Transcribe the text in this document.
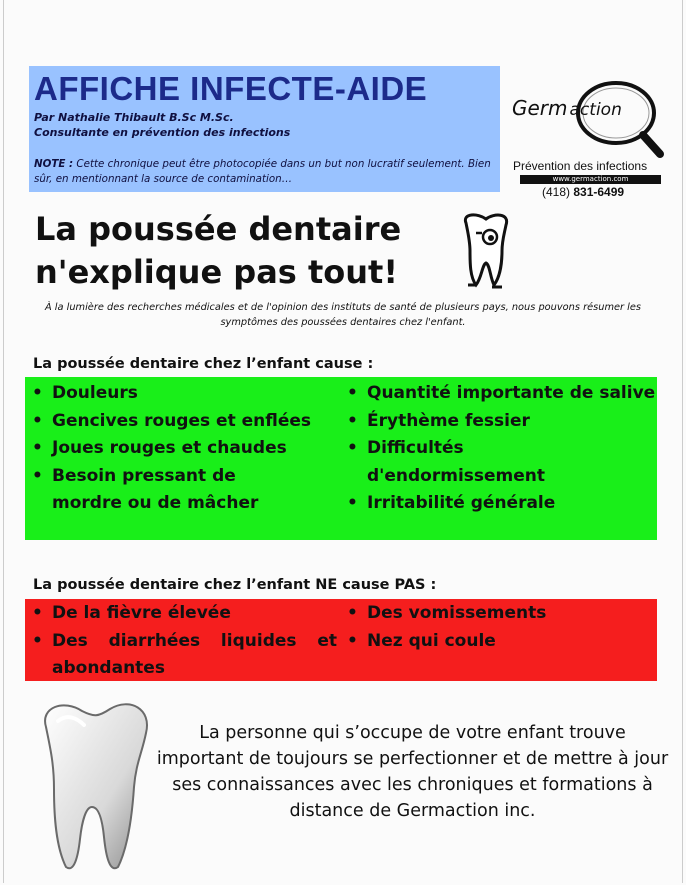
AFFICHE INFECTE-AIDE
Par Nathalie Thibault B.Sc M.Sc.
Consultante en prévention des infections
NOTE : Cette chronique peut être photocopiée dans un but non lucratif seulement. Bien sûr, en mentionnant la source de contamination…
Germ action
Prévention des infections
www.germaction.com
(418) 831-6499
La poussée dentaire
n'explique pas tout!
À la lumière des recherches médicales et de l'opinion des instituts de santé de plusieurs pays, nous pouvons résumer les symptômes des poussées dentaires chez l'enfant.
La poussée dentaire chez l’enfant cause :
• Douleurs
• Gencives rouges et enflées
• Joues rouges et chaudes
• Besoin pressant de mordre ou de mâcher
• Quantité importante de salive
• Érythème fessier
• Difficultés d'endormissement
• Irritabilité générale
La poussée dentaire chez l’enfant NE cause PAS :
• De la fièvre élevée
• Des diarrhées liquides et abondantes
• Des vomissements
• Nez qui coule
La personne qui s’occupe de votre enfant trouve important de toujours se perfectionner et de mettre à jour ses connaissances avec les chroniques et formations à distance de Germaction inc.
